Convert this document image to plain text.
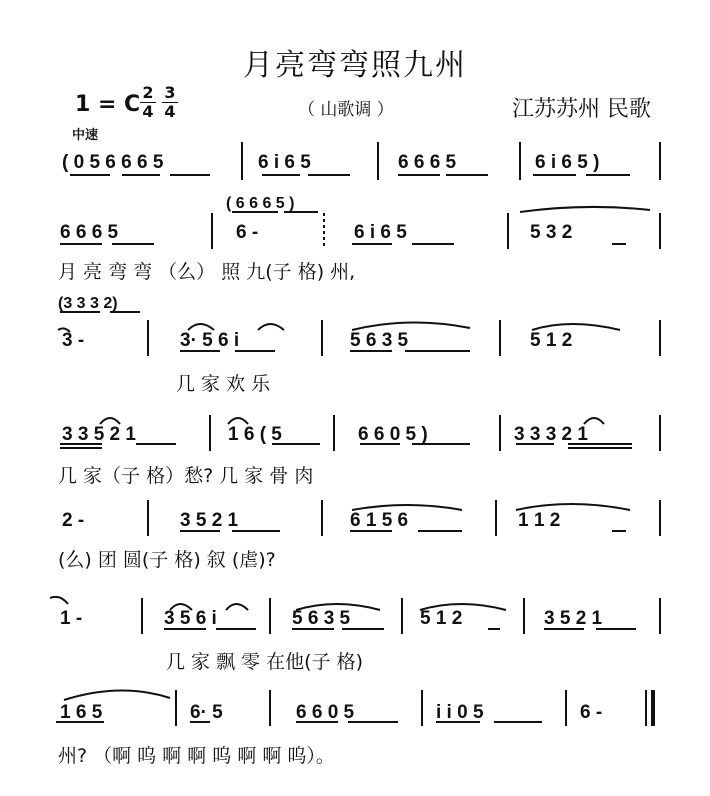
月亮弯弯照九州
1 = C 2
4
3
4	（ 山歌调 ）	江苏苏州 民歌
中速
( 0 5 6 6 6 5	6 i 6 5	6 6 6 5	6 i 6 5 )
( 6 6 6 5 )
6 6 6 5	6 -	6 i 6 5	5 3 2
(3 3 3 2)
3 -	3· 5 6 i	5 6 3 5	5 1 2
3 3 5 2 1	1 6 ( 5	6 6 0 5 )	3 3 3 2 1
2 -	3 5 2 1	6 1 5 6	1 1 2
1 -	3 5 6 i	5 6 3 5	5 1 2	3 5 2 1
1 6 5	6· 5	6 6 0 5	i i 0 5	6 -
月 亮 弯 弯 （么） 照 九(子 格) 州,
几 家 欢 乐
几 家（子 格）愁? 几 家 骨 肉
(么) 团 圆(子 格) 叙 (虐)?
几 家 飘 零 在他(子 格)
州? （啊 呜 啊 啊 呜 啊 啊 呜）。
